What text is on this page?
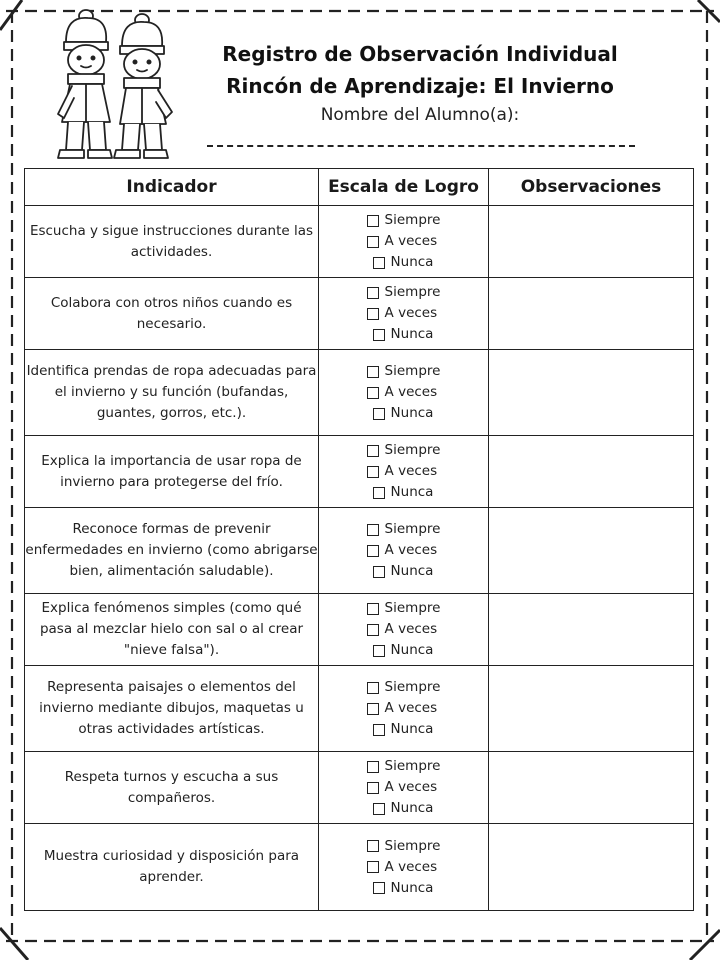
Registro de Observación Individual
Rincón de Aprendizaje: El Invierno
Nombre del Alumno(a):
Indicador	Escala de Logro	Observaciones
Escucha y sigue instrucciones durante las actividades.	Siempre
A veces
Nunca	

Colabora con otros niños cuando es necesario.	Siempre
A veces
Nunca	

Identifica prendas de ropa adecuadas para el invierno y su función (bufandas, guantes, gorros, etc.).	Siempre
A veces
Nunca	

Explica la importancia de usar ropa de invierno para protegerse del frío.	Siempre
A veces
Nunca	

Reconoce formas de prevenir enfermedades en invierno (como abrigarse bien, alimentación saludable).	Siempre
A veces
Nunca	

Explica fenómenos simples (como qué pasa al mezclar hielo con sal o al crear "nieve falsa").	Siempre
A veces
Nunca	

Representa paisajes o elementos del invierno mediante dibujos, maquetas u otras actividades artísticas.	Siempre
A veces
Nunca	

Respeta turnos y escucha a sus compañeros.	Siempre
A veces
Nunca	

Muestra curiosidad y disposición para aprender.	Siempre
A veces
Nunca	
